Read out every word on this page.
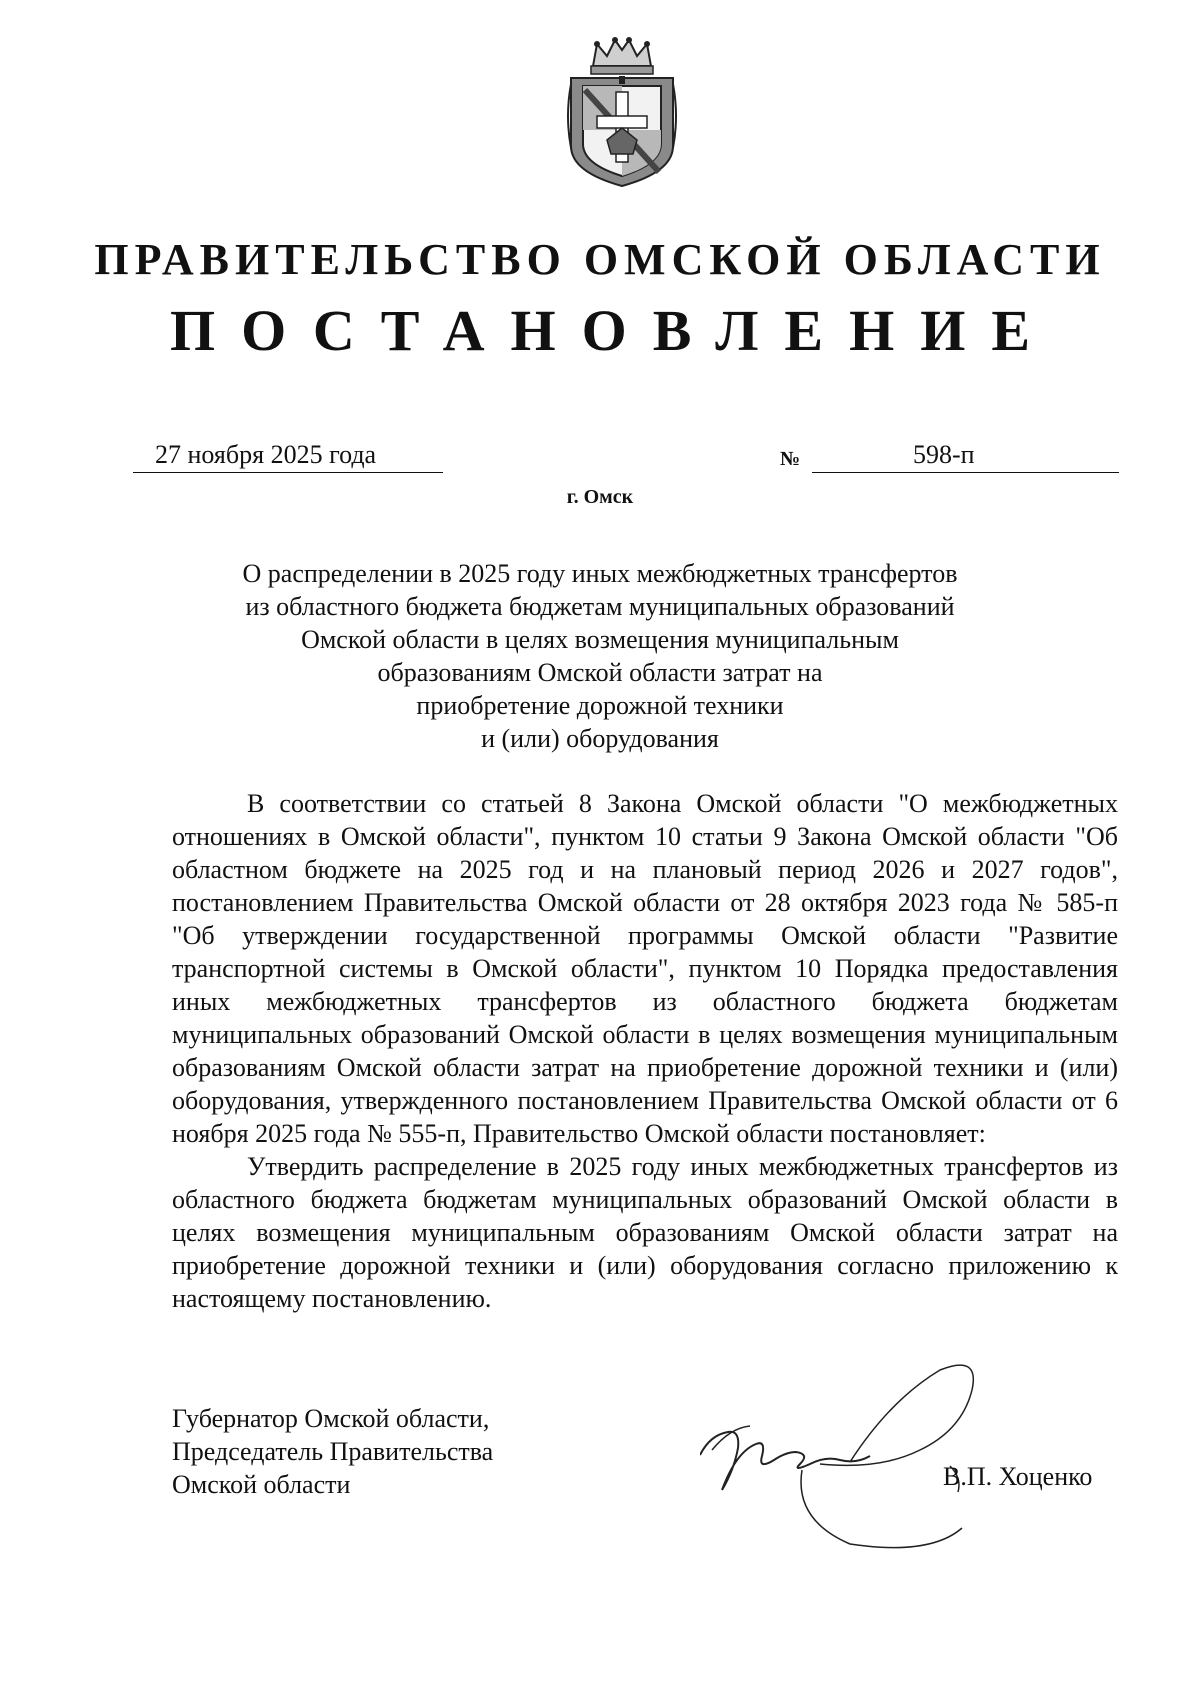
ПРАВИТЕЛЬСТВО ОМСКОЙ ОБЛАСТИ
ПОСТАНОВЛЕНИЕ
27 ноября 2025 года	№	598-п
г. Омск
О распределении в 2025 году иных межбюджетных трансфертов
из областного бюджета бюджетам муниципальных образований
Омской области в целях возмещения муниципальным
образованиям Омской области затрат на
приобретение дорожной техники
и (или) оборудования

В соответствии со статьей 8 Закона Омской области "О межбюджетных отношениях в Омской области", пунктом 10 статьи 9 Закона Омской области "Об областном бюджете на 2025 год и на плановый период 2026 и 2027 годов", постановлением Правительства Омской области от 28 октября 2023 года № 585-п "Об утверждении государственной программы Омской области "Развитие транспортной системы в Омской области", пунктом 10 Порядка предоставления иных межбюджетных трансфертов из областного бюджета бюджетам муниципальных образований Омской области в целях возмещения муниципальным образованиям Омской области затрат на приобретение дорожной техники и (или) оборудования, утвержденного постановлением Правительства Омской области от 6 ноября 2025 года № 555-п, Правительство Омской области постановляет:

Утвердить распределение в 2025 году иных межбюджетных трансфертов из областного бюджета бюджетам муниципальных образований Омской области в целях возмещения муниципальным образованиям Омской области затрат на приобретение дорожной техники и (или) оборудования согласно приложению к настоящему постановлению.

Губернатор Омской области,
Председатель Правительства
Омской области	В.П. Хоценко
